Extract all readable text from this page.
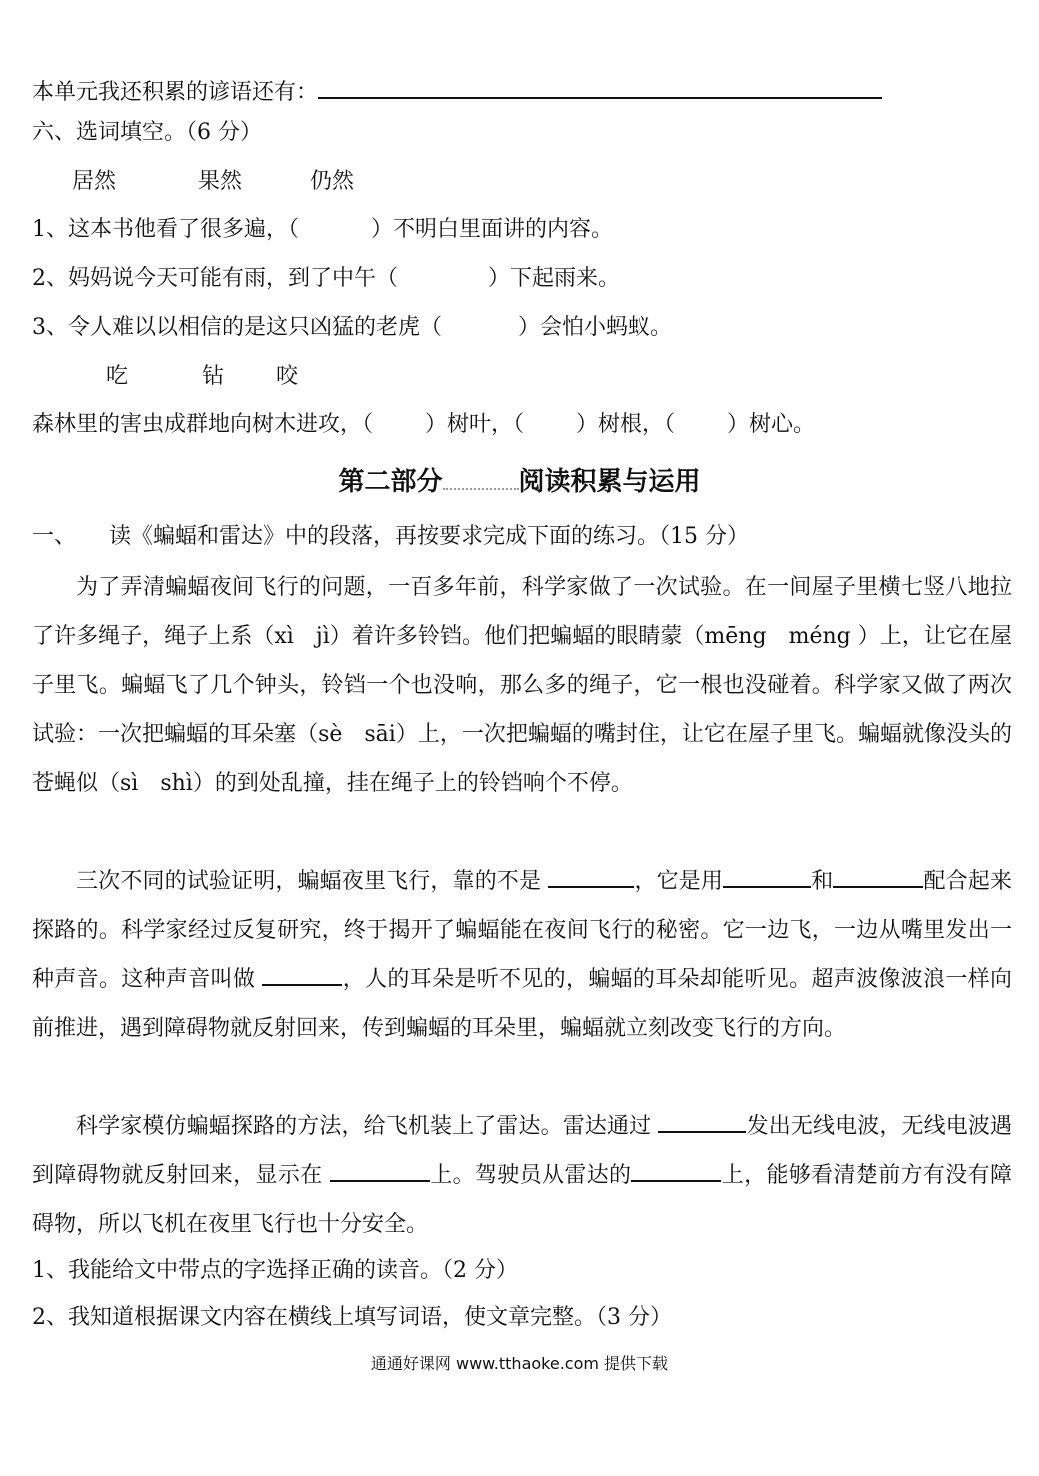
本单元我还积累的谚语还有：
六、选词填空。（6 分）
居然	果然	仍然
1、这本书他看了很多遍，（	）不明白里面讲的内容。
2、妈妈说今天可能有雨，到了中午（	）下起雨来。
3、令人难以以相信的是这只凶猛的老虎（	）会怕小蚂蚁。
吃	钻 咬
森林里的害虫成群地向树木进攻，（ ）树叶，（ ）树根，（ ）树心。
第二部分	阅读积累与运用
一、　　读《蝙蝠和雷达》中的段落，再按要求完成下面的练习。（15 分）
为了弄清蝙蝠夜间飞行的问题，一百多年前，科学家做了一次试验。在一间屋子里横七竖八地拉了许多绳子，绳子上系（xì　jì）着许多铃铛。他们把蝙蝠的眼睛蒙（mēng　méng ）上，让它在屋子里飞。蝙蝠飞了几个钟头，铃铛一个也没响，那么多的绳子，它一根也没碰着。科学家又做了两次试验：一次把蝙蝠的耳朵塞（sè　sāi）上，一次把蝙蝠的嘴封住，让它在屋子里飞。蝙蝠就像没头的苍蝇似（sì　shì）的到处乱撞，挂在绳子上的铃铛响个不停。
三次不同的试验证明，蝙蝠夜里飞行，靠的不是	，它是用	和	配合起来探路的。科学家经过反复研究，终于揭开了蝙蝠能在夜间飞行的秘密。它一边飞，一边从嘴里发出一种声音。这种声音叫做	，人的耳朵是听不见的，蝙蝠的耳朵却能听见。超声波像波浪一样向前推进，遇到障碍物就反射回来，传到蝙蝠的耳朵里，蝙蝠就立刻改变飞行的方向。
科学家模仿蝙蝠探路的方法，给飞机装上了雷达。雷达通过	发出无线电波，无线电波遇到障碍物就反射回来，显示在	上。驾驶员从雷达的	上，能够看清楚前方有没有障碍物，所以飞机在夜里飞行也十分安全。
1、我能给文中带点的字选择正确的读音。（2 分）
2、我知道根据课文内容在横线上填写词语，使文章完整。（3 分）
通通好课网 www.tthaoke.com 提供下载
